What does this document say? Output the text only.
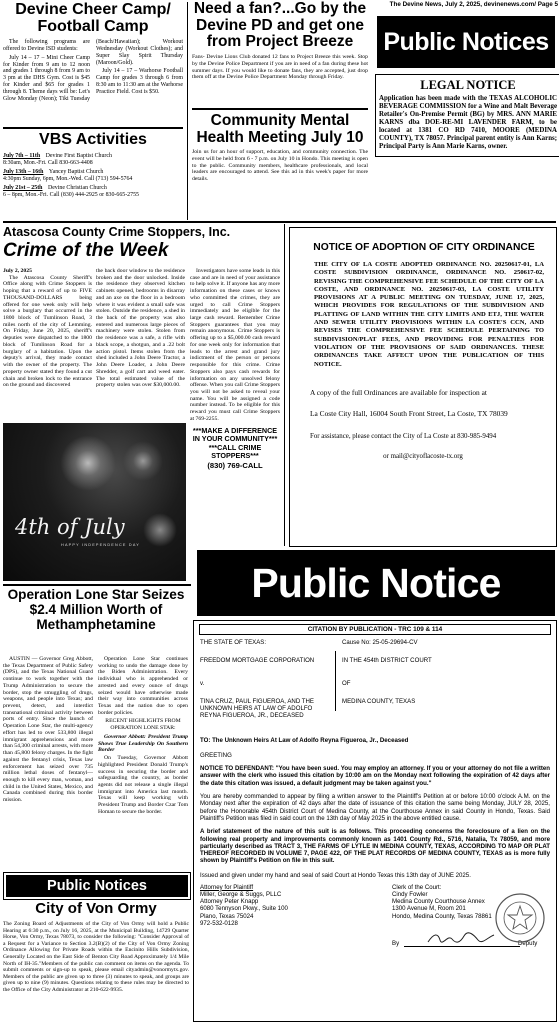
The Devine News, July 2, 2025, devinenews.com/ Page 5
Devine Cheer Camp/ Football Camp

The following programs are offered to Devine ISD students:

July 14 – 17 – Mini Cheer Camp for Kinder from 9 am to 12 noon and grades 1 through 8 from 9 am to 3 pm at the DHS Gym. Cost is $45 for Kinder and $65 for grades 1 through 8. Theme days will be: Let's Glow Monday (Neon); Tiki Tuesday (Beach/Hawaiian); Workout Wednesday (Workout Clothes); and Super Slay Spirit Thursday (Maroon/Gold).

July 14 – 17 – Warhorse Football Camp for grades 3 through 6 from 8:30 am to 11:30 am at the Warhorse Practice Field. Cost is $50.

VBS Activities
July 7th – 11th Devine First Baptist Church
8:30am, Mon.-Fri. Call 830-663-4408
July 13th – 16th Yancey Baptist Church
4:30pm Sunday, 6pm, Mon.-Wed. Call (713) 594-5764
July 21st – 25th Devine Christian Church
6 – 8pm, Mon.-Fri. Call (830) 444-2925 or 830-665-2755
Need a fan?...Go by the Devine PD and get one from Project Breeze

Fans- Devine Lions Club donated 12 fans to Project Breeze this week. Stop by the Devine Police Department if you are in need of a fan during these hot summer days. If you would like to donate fans, they are accepted, just drop them off at the Devine Police Department Monday through Friday.

Community Mental Health Meeting July 10

Join us for an hour of support, education, and community connection. The event will be held from 6 - 7 p.m. on July 10 in Hondo. This meeting is open to the public. Community members, healthcare professionals, and local leaders are encouraged to attend. See this ad in this week's paper for more details.

Public Notices
LEGAL NOTICE

Application has been made with the TEXAS ALCOHOLIC BEVERAGE COMMISSION for a Wine and Malt Beverage Retailer's On-Premise Permit (BG) by MRS. ANN MARIE KARNS dba DOE-RE-MI LAVENDER FARM, to be located at 1381 CO RD 7410, MOORE (MEDINA COUNTY), TX 78057. Principal parent entity is Ann Karns; Principal Party is Ann Marie Karns, owner.

Atascosa County Crime Stoppers, Inc.
Crime of the Week
July 2, 2025
The Atascosa County Sheriff's Office along with Crime Stoppers is hoping that a reward of up to FIVE THOUSAND-DOLLARS being offered for one week only will help solve a burglary that occurred in the 1800 block of Tumlinson Road, 3 miles north of the city of Lemming. On Friday, June 20, 2025, sheriff's deputies were dispatched to the 1800 block of Tumlinson Road for a burglary of a habitation. Upon the deputy's arrival, they made contact with the owner of the property. The property owner stated they found a cut chain and broken lock to the entrance on the ground and discovered
the back door window to the residence broken and the door unlocked. Inside the residence they observed kitchen cabinets opened, bedrooms in disarray and an axe on the floor in a bedroom where it was evident a small safe was stolen. Outside the residence, a shed in the back of the property was also entered and numerous large pieces of machinery were stolen. Stolen from the residence was a safe, a rifle with black scope, a shotgun, and a .22 bolt action pistol. Items stolen from the shed included a John Deere Tractor, a John Deere Loader, a John Deere Shredder, a golf cart and weed eater. The total estimated value of the property stolen was over $30,000.00.
Investigators have some leads in this case and are in need of your assistance to help solve it. If anyone has any more information on these cases or knows who committed the crimes, they are urged to call Crime Stoppers immediately and be eligible for the large cash reward. Remember Crime Stoppers guarantees that you may remain anonymous. Crime Stoppers is offering up to a $5,000.00 cash reward for one week only for information that leads to the arrest and grand jury indictment of the person or persons responsible for this crime. Crime Stoppers also pays cash rewards for information on any unsolved felony offense. When you call Crime Stoppers you will not be asked to reveal your name. You will be assigned a code number instead. To be eligible for this reward you must call Crime Stoppers at 769-2255.
***MAKE A DIFFERENCE IN YOUR COMMUNITY*** ***CALL CRIME STOPPERS***
(830) 769-CALL
4th of July
HAPPY INDEPENDENCE DAY
NOTICE OF ADOPTION OF CITY ORDINANCE

THE CITY OF LA COSTE ADOPTED ORDINANCE NO. 20250617-01, LA COSTE SUBDIVISION ORDINANCE, ORDINANCE NO. 250617-02, REVISING THE COMPREHENSIVE FEE SCHEDULE OF THE CITY OF LA COSTE, AND ORDINANCE NO. 20250617-03, LA COSTE UTILITY PROVISIONS AT A PUBLIC MEETING ON TUESDAY, JUNE 17, 2025, WHICH PROVIDES FOR REGULATIONS OF THE SUBDIVISION AND PLATTING OF LAND WITHIN THE CITY LIMITS AND ETJ, THE WATER AND SEWER UTILITY PROVISIONS WITHIN LA COSTE'S CCN, AND REVISES THE COMPREHENSIVE FEE SCHEDULE PERTAINING TO SUBDIVISION/PLAT FEES, AND PROVIDING FOR PENALTIES FOR VIOLATION OF THE PROVISIONS OF SAID ORDINANCES. THESE ORDINANCES TAKE AFFECT UPON THE PUBLICATION OF THIS NOTICE.

A copy of the full Ordinances are available for inspection at

La Coste City Hall, 16004 South Front Street, La Coste, TX 78039

For assistance, please contact the City of La Coste at 830-985-9494

or mail@cityoflacoste-tx.org

Public Notice
Operation Lone Star Seizes $2.4 Million Worth of Methamphetamine
AUSTIN — Governor Greg Abbott, the Texas Department of Public Safety (DPS), and the Texas National Guard continue to work together with the Trump Administration to secure the border, stop the smuggling of drugs, weapons, and people into Texas; and prevent, detect, and interdict transnational criminal activity between ports of entry. Since the launch of Operation Lone Star, the multi-agency effort has led to over 533,800 illegal immigrant apprehensions and more than 54,300 criminal arrests, with more than 45,800 felony charges. In the fight against the fentanyl crisis, Texas law enforcement has seized over 735 million lethal doses of fentanyl—enough to kill every man, woman, and child in the United States, Mexico, and Canada combined during this border mission.
Operation Lone Star continues working to undo the damage done by the Biden Administration. Every individual who is apprehended or arrested and every ounce of drugs seized would have otherwise made their way into communities across Texas and the nation due to open border policies.
RECENT HIGHLIGHTS FROM OPERATION LONE STAR:
Governor Abbott: President Trump Shows True Leadership On Southern Border
On Tuesday, Governor Abbott highlighted President Donald Trump's success in securing the border and safeguarding the country, as border agents did not release a single illegal immigrant into America last month. Texas will keep working with President Trump and Border Czar Tom Homan to secure the border.
CITATION BY PUBLICATION - TRC 109 & 114
THE STATE OF TEXAS:	Cause No: 25-05-29694-CV
FREEDOM MORTGAGE CORPORATION	IN THE 454th DISTRICT COURT
v.	OF
TINA CRUZ, PAUL FIGUEROA, AND THE UNKNOWN HEIRS AT LAW OF ADOLFO REYNA FIGUEROA, JR., DECEASED
MEDINA COUNTY, TEXAS
TO: The Unknown Heirs At Law of Adolfo Reyna Figueroa, Jr., Deceased
GREETING
NOTICE TO DEFENDANT: "You have been sued. You may employ an attorney. If you or your attorney do not file a written answer with the clerk who issued this citation by 10:00 am on the Monday next following the expiration of 42 days after the date this citation was issued, a default judgment may be taken against you."
You are hereby commanded to appear by filing a written answer to the Plaintiff's Petition at or before 10:00 o'clock A.M. on the Monday next after the expiration of 42 days after the date of issuance of this citation the same being Monday, JULY 28, 2025, before the Honorable 454th District Court of Medina County, at the Courthouse Annex in said County in Hondo, Texas. Said Plaintiff's Petition was filed in said court on the 13th day of May 2025 in the above entitled cause.
A brief statement of the nature of this suit is as follows. This proceeding concerns the foreclosure of a lien on the following real property and improvements commonly known as 1401 County Rd., 5716, Natalia, Tx 78059, and more particularly described as TRACT 3, THE FARMS OF LYTLE IN MEDINA COUNTY, TEXAS, ACCORDING TO MAP OR PLAT THEREOF RECORDED IN VOLUME 7, PAGE 422, OF THE PLAT RECORDS OF MEDINA COUNTY, TEXAS as is more fully shown by Plaintiff's Petition on file in this suit.
Issued and given under my hand and seal of said Court at Hondo Texas this 13th day of JUNE 2025.
Attorney for Plaintiff
Miller, George & Suggs, PLLC
Attorney Peter Knapp
6080 Tennyson Pkwy., Suite 100
Plano, Texas 75024
972-532-0128
Clerk of the Court:
Cindy Fowler
Medina County Courthouse Annex
1300 Avenue M, Room 201
Hondo, Medina County, Texas 78861
By	Deputy
Public Notices
City of Von Ormy

The Zoning Board of Adjustments of the City of Von Ormy will hold a Public Hearing at 6:30 p.m., on July 16, 2025, at the Municipal Building, 14729 Quarter Horse, Von Ormy, Texas 78073, to consider the following: "Consider Approval of a Request for a Variance to Section 3.2(B)(2) of the City of Von Ormy Zoning Ordinance Allowing for Private Roads within the Encinito Hills Subdivision, Generally Located on the East Side of Benton City Road Approximately 1/4 Mile North of IH-35."Members of the public can comment on items on the agenda. To submit comments or sign-up to speak, please email cityadmin@vonormytx.gov. Members of the public are given up to three (3) minutes to speak, and groups are given up to nine (9) minutes. Questions relating to these rules may be directed to the Office of the City Administrator at 210-622-9935.
